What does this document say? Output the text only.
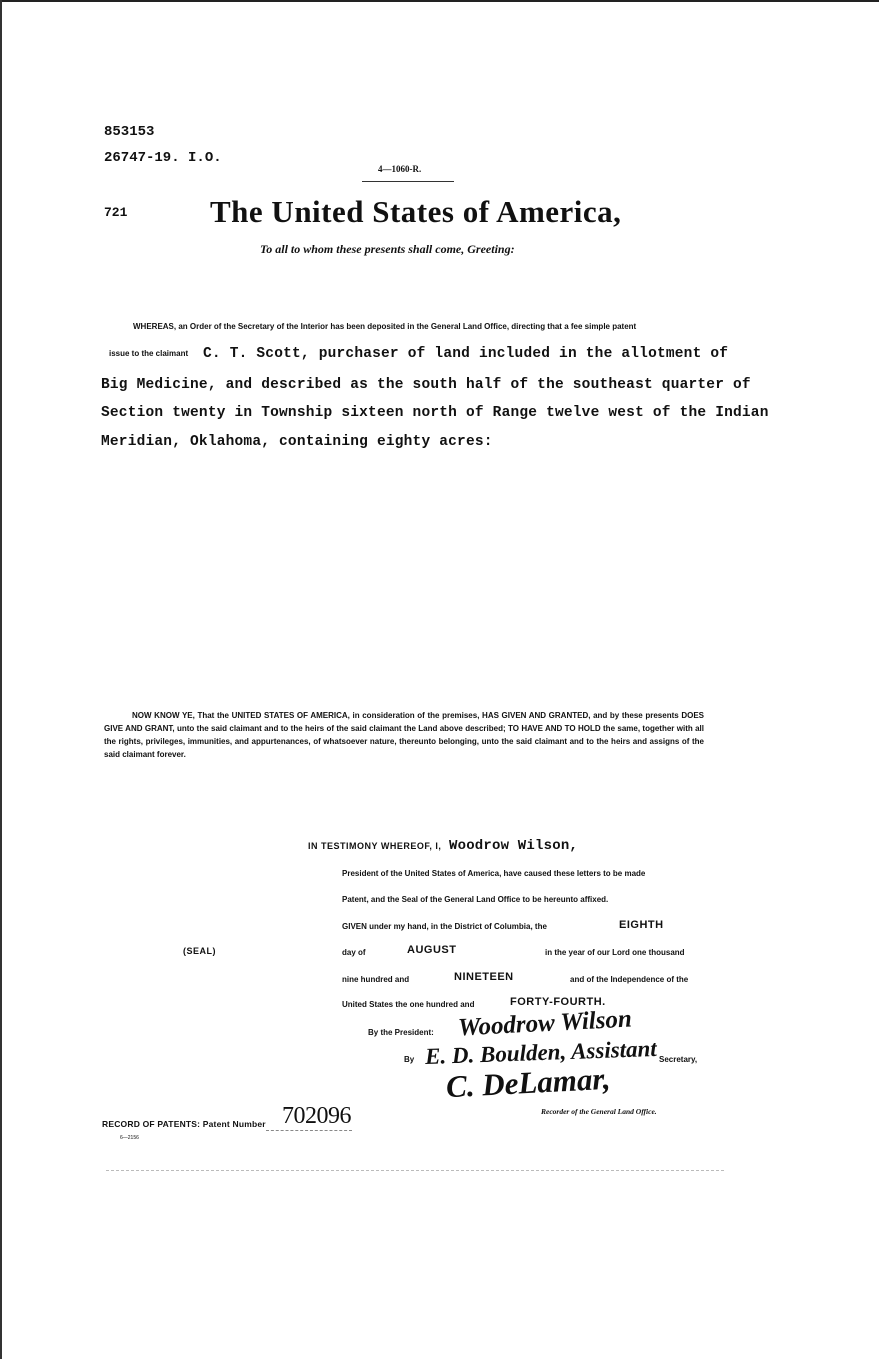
853153
26747-19. I.O.
4—1060-R.
721	The United States of America,
To all to whom these presents shall come, Greeting:
WHEREAS, an Order of the Secretary of the Interior has been deposited in the General Land Office, directing that a fee simple patent
issue to the claimant C. T. Scott, purchaser of land included in the allotment of
Big Medicine, and described as the south half of the southeast quarter of
Section twenty in Township sixteen north of Range twelve west of the Indian
Meridian, Oklahoma, containing eighty acres:
NOW KNOW YE, That the UNITED STATES OF AMERICA, in consideration of the premises, HAS GIVEN AND GRANTED, and by these presents DOES GIVE AND GRANT, unto the said claimant and to the heirs of the said claimant the Land above described; TO HAVE AND TO HOLD the same, together with all the rights, privileges, immunities, and appurtenances, of whatsoever nature, thereunto belonging, unto the said claimant and to the heirs and assigns of the said claimant forever.
IN TESTIMONY WHEREOF, I, Woodrow Wilson,
President of the United States of America, have caused these letters to be made
Patent, and the Seal of the General Land Office to be hereunto affixed.
GIVEN under my hand, in the District of Columbia, the	EIGHTH
day of	AUGUST	in the year of our Lord one thousand
nine hundred and	NINETEEN	and of the Independence of the
United States the one hundred and	FORTY-FOURTH.
(SEAL)
By the President: Woodrow Wilson
By E. D. Boulden, Assistant Secretary,
C. DeLamar,
Recorder of the General Land Office.
RECORD OF PATENTS: Patent Number 702096
6—2156
